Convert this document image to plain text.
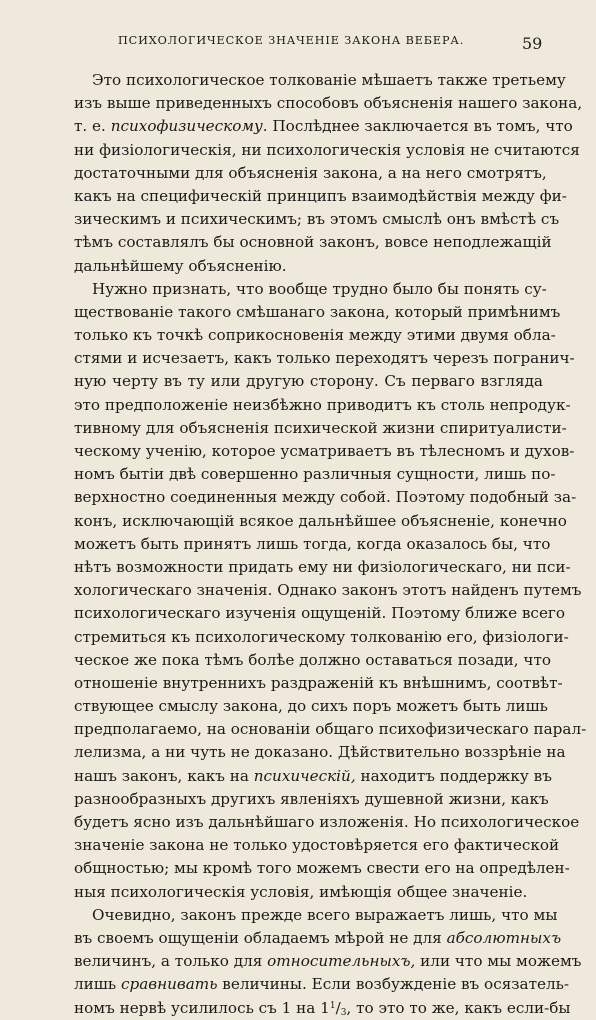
ПСИХОЛОГИЧЕСКОЕ ЗНАЧЕНІЕ ЗАКОНА ВЕБЕРА.	59
Это психологическое толкованіе мѣшаетъ также третьему
изъ выше приведенныхъ способовъ объясненія нашего закона,
т. е. психофизическому. Послѣднее заключается въ томъ, что
ни физіологическія, ни психологическія условія не считаются
достаточными для объясненія закона, а на него смотрятъ,
какъ на специфическій принципъ взаимодѣйствія между фи-
зическимъ и психическимъ; въ этомъ смыслѣ онъ вмѣстѣ съ
тѣмъ составлялъ бы основной законъ, вовсе неподлежащій
дальнѣйшему объясненію.
Нужно признать, что вообще трудно было бы понять су-
ществованіе такого смѣшанаго закона, который примѣнимъ
только къ точкѣ соприкосновенія между этими двумя обла-
стями и исчезаетъ, какъ только переходятъ черезъ погранич-
ную черту въ ту или другую сторону. Съ перваго взгляда
это предположеніе неизбѣжно приводитъ къ столь непродук-
тивному для объясненія психической жизни спиритуалисти-
ческому ученію, которое усматриваетъ въ тѣлесномъ и духов-
номъ бытіи двѣ совершенно различныя сущности, лишь по-
верхностно соединенныя между собой. Поэтому подобный за-
конъ, исключающій всякое дальнѣйшее объясненіе, конечно
можетъ быть принятъ лишь тогда, когда оказалось бы, что
нѣтъ возможности придать ему ни физіологическаго, ни пси-
хологическаго значенія. Однако законъ этотъ найденъ путемъ
психологическаго изученія ощущеній. Поэтому ближе всего
стремиться къ психологическому толкованію его, физіологи-
ческое же пока тѣмъ болѣе должно оставаться позади, что
отношеніе внутреннихъ раздраженій къ внѣшнимъ, соотвѣт-
ствующее смыслу закона, до сихъ поръ можетъ быть лишь
предполагаемо, на основаніи общаго психофизическаго парал-
лелизма, а ни чуть не доказано. Дѣйствительно воззрѣніе на
нашъ законъ, какъ на психическій, находитъ поддержку въ
разнообразныхъ другихъ явленіяхъ душевной жизни, какъ
будетъ ясно изъ дальнѣйшаго изложенія. Но психологическое
значеніе закона не только удостовѣряется его фактической
общностью; мы кромѣ того можемъ свести его на опредѣлен-
ныя психологическія условія, имѣющія общее значеніе.
Очевидно, законъ прежде всего выражаетъ лишь, что мы
въ своемъ ощущеніи обладаемъ мѣрой не для абсолютныхъ
величинъ, а только для относительныхъ, или что мы можемъ
лишь сравнивать величины. Если возбужденіе въ осязатель-
номъ нервѣ усилилось съ 1 на $1^1/_3$, то это то же, какъ если-бы
